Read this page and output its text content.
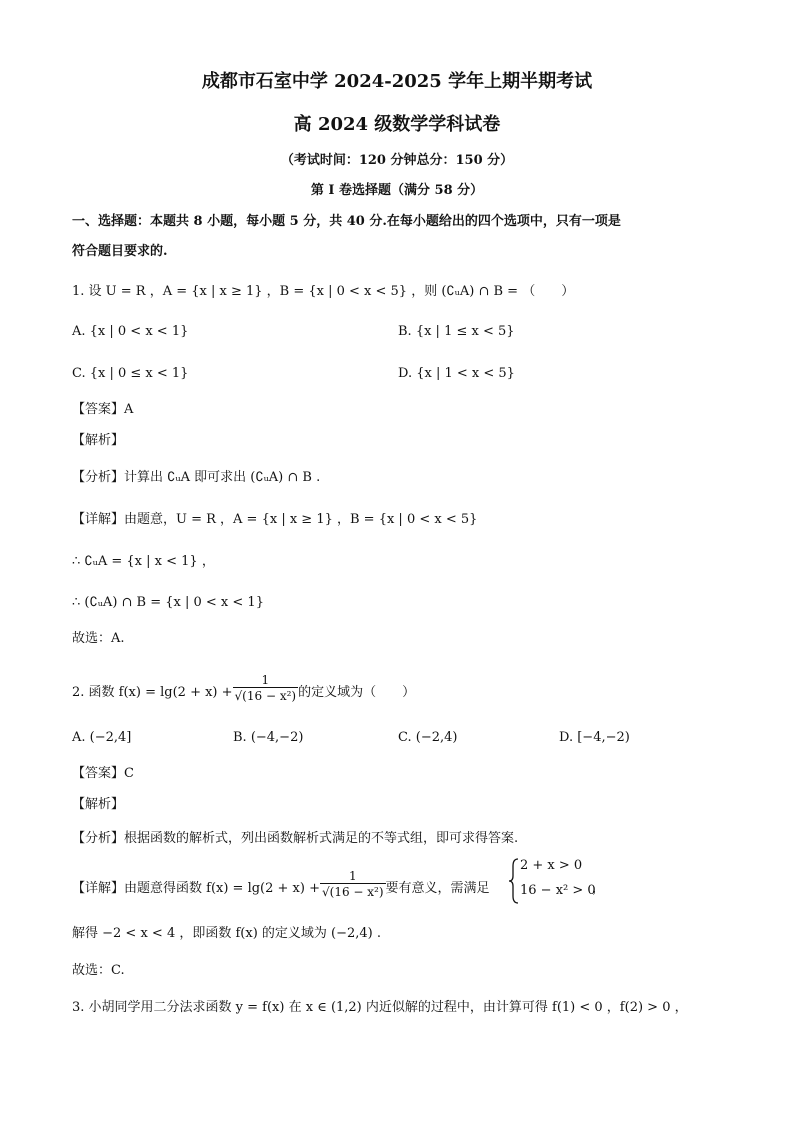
成都市石室中学 2024-2025 学年上期半期考试
高 2024 级数学学科试卷
（考试时间：120 分钟总分：150 分）
第 I 卷选择题（满分 58 分）
一、选择题：本题共 8 小题，每小题 5 分，共 40 分.在每小题给出的四个选项中，只有一项是
符合题目要求的.
1. 设 U = R ，A = {x | x ≥ 1} ，B = {x | 0 < x < 5} ，则 (∁ᵤA) ∩ B = （　　）
A. {x | 0 < x < 1}	B. {x | 1 ≤ x < 5}
C. {x | 0 ≤ x < 1}	D. {x | 1 < x < 5}
【答案】A
【解析】
【分析】计算出 ∁ᵤA 即可求出 (∁ᵤA) ∩ B .
【详解】由题意，U = R ，A = {x | x ≥ 1} ，B = {x | 0 < x < 5}
∴ ∁ᵤA = {x | x < 1} ，
∴ (∁ᵤA) ∩ B = {x | 0 < x < 1}
故选：A.
2. 函数 $f(x) = \lg(2 + x) + \frac{1}{\text{√(16 − x²)}}$ 的定义域为（　　）
A. (−2,4]	B. (−4,−2)	C. (−2,4)	D. [−4,−2)
【答案】C
【解析】
【分析】根据函数的解析式，列出函数解析式满足的不等式组，即可求得答案.
【详解】由题意得函数 $f(x) = \lg(2 + x) + \frac{1}{\text{√(16 − x²)}}$ 要有意义，需满足
2 + x > 0
16 − x² > 0
，
解得 −2 < x < 4 ，即函数 f(x) 的定义域为 (−2,4) .
故选：C.
3. 小胡同学用二分法求函数 y = f(x) 在 x ∈ (1,2) 内近似解的过程中，由计算可得 f(1) < 0 ，f(2) > 0 ，
